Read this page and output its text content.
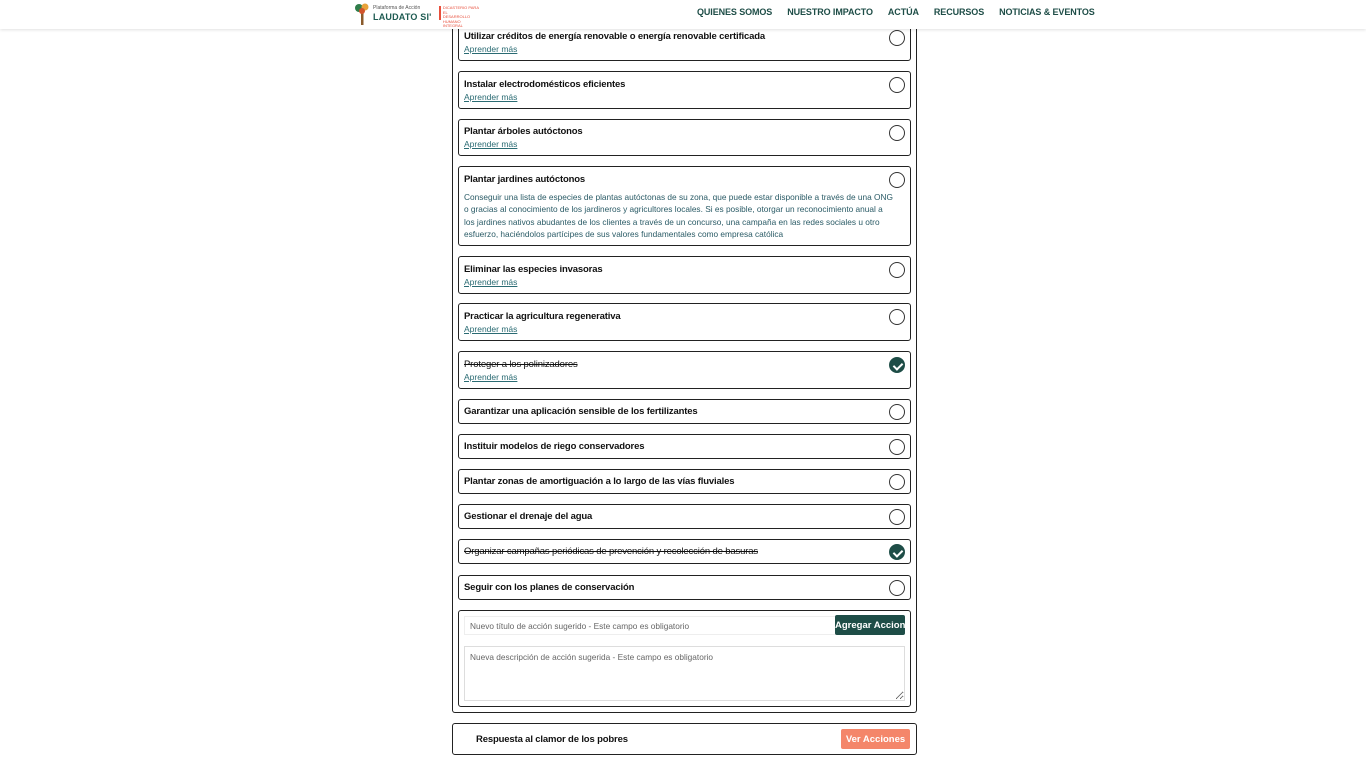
Plataforma de Acción
LAUDATO SI'
DICASTERIO PARA EL
DESARROLLO
HUMANO
INTEGRAL
QUIENES SOMOS NUESTRO IMPACTO ACTÚA RECURSOS NOTICIAS & EVENTOS
Utilizar créditos de energía renovable o energía renovable certificada
Aprender más
Instalar electrodomésticos eficientes
Aprender más
Plantar árboles autóctonos
Aprender más
Plantar jardines autóctonos
Conseguir una lista de especies de plantas autóctonas de su zona, que puede estar disponible a través de una ONG o gracias al conocimiento de los jardineros y agricultores locales. Si es posible, otorgar un reconocimiento anual a los jardines nativos abudantes de los clientes a través de un concurso, una campaña en las redes sociales u otro esfuerzo, haciéndolos partícipes de sus valores fundamentales como empresa católica
Eliminar las especies invasoras
Aprender más
Practicar la agricultura regenerativa
Aprender más
Proteger a los polinizadores
Aprender más
Garantizar una aplicación sensible de los fertilizantes
Instituir modelos de riego conservadores
Plantar zonas de amortiguación a lo largo de las vías fluviales
Gestionar el drenaje del agua
Organizar campañas periódicas de prevención y recolección de basuras
Seguir con los planes de conservación
Nuevo título de acción sugerido - Este campo es obligatorio
Agregar Accion
Nueva descripción de acción sugerida - Este campo es obligatorio
Respuesta al clamor de los pobres	Ver Acciones
